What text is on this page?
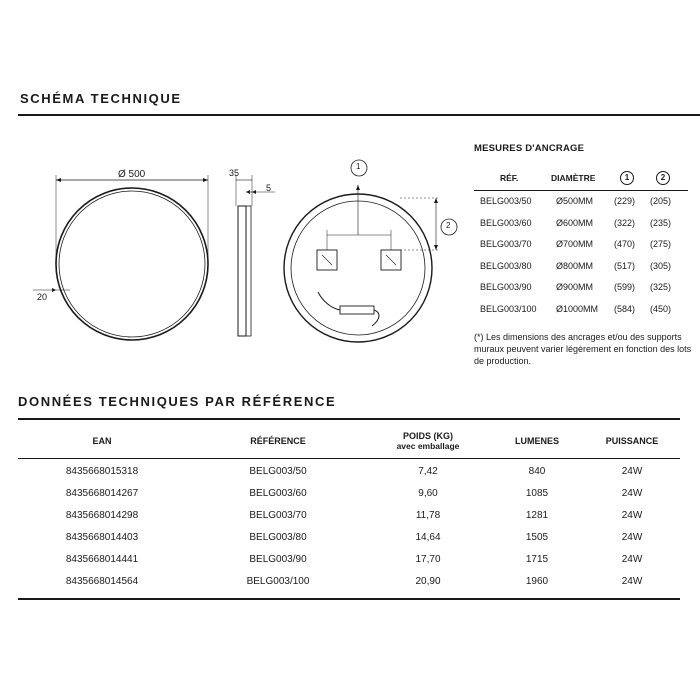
SCHÉMA TECHNIQUE
Ø 500
20
35
5
1
2
MESURES D'ANCRAGE
RÉF.	DIAMÈTRE	1	2
BELG003/50	Ø500MM (229) (205)
BELG003/60	Ø600MM (322) (235)
BELG003/70	Ø700MM (470) (275)
BELG003/80	Ø800MM (517) (305)
BELG003/90	Ø900MM (599) (325)
BELG003/100 Ø1000MM (584) (450)
(*) Les dimensions des ancrages et/ou des supports muraux peuvent varier légèrement en fonction des lots de production.
DONNÉES TECHNIQUES PAR RÉFÉRENCE
EAN	RÉFÉRENCE	POIDS (KG)
avec emballage	LUMENES	PUISSANCE
8435668015318	BELG003/50	7,42	840	24W
8435668014267	BELG003/60	9,60	1085	24W
8435668014298	BELG003/70	11,78	1281	24W
8435668014403	BELG003/80	14,64	1505	24W
8435668014441	BELG003/90	17,70	1715	24W
8435668014564	BELG003/100	20,90	1960	24W
